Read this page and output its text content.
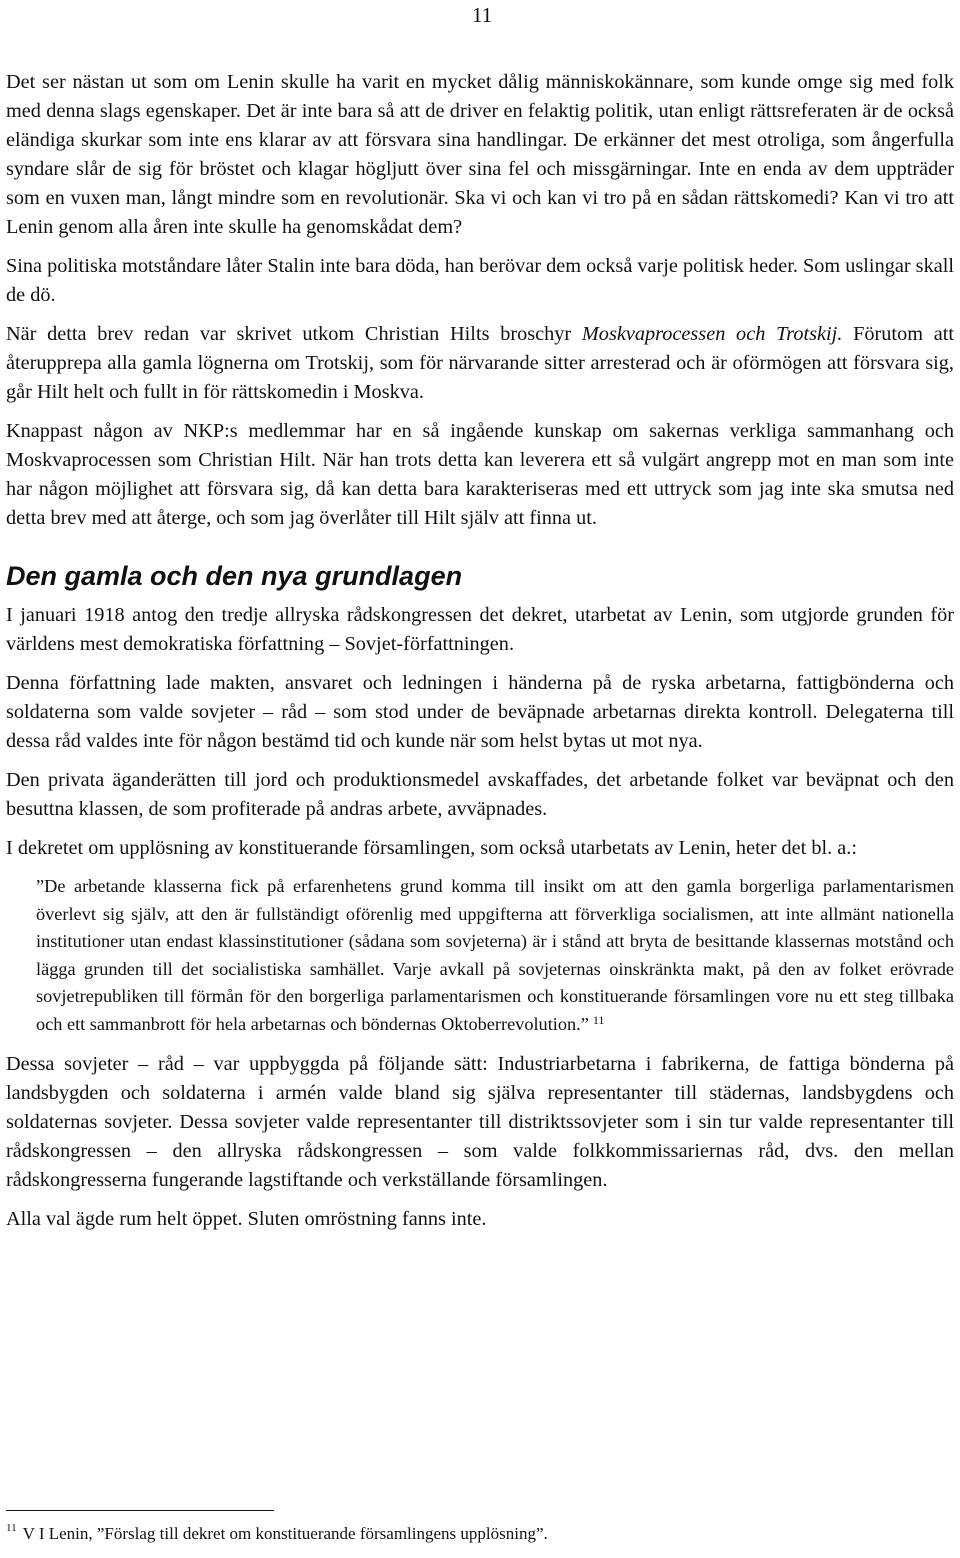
11

Det ser nästan ut som om Lenin skulle ha varit en mycket dålig människokännare, som kunde omge sig med folk med denna slags egenskaper. Det är inte bara så att de driver en felaktig politik, utan enligt rättsreferaten är de också eländiga skurkar som inte ens klarar av att försvara sina handlingar. De erkänner det mest otroliga, som ångerfulla syndare slår de sig för bröstet och klagar högljutt över sina fel och missgärningar. Inte en enda av dem uppträder som en vuxen man, långt mindre som en revolutionär. Ska vi och kan vi tro på en sådan rättskomedi? Kan vi tro att Lenin genom alla åren inte skulle ha genomskådat dem?

Sina politiska motståndare låter Stalin inte bara döda, han berövar dem också varje politisk heder. Som uslingar skall de dö.

När detta brev redan var skrivet utkom Christian Hilts broschyr Moskvaprocessen och Trotskij. Förutom att återupprepa alla gamla lögnerna om Trotskij, som för närvarande sitter arresterad och är oförmögen att försvara sig, går Hilt helt och fullt in för rättskomedin i Moskva.

Knappast någon av NKP:s medlemmar har en så ingående kunskap om sakernas verkliga sammanhang och Moskvaprocessen som Christian Hilt. När han trots detta kan leverera ett så vulgärt angrepp mot en man som inte har någon möjlighet att försvara sig, då kan detta bara karakteriseras med ett uttryck som jag inte ska smutsa ned detta brev med att återge, och som jag överlåter till Hilt själv att finna ut.

Den gamla och den nya grundlagen

I januari 1918 antog den tredje allryska rådskongressen det dekret, utarbetat av Lenin, som utgjorde grunden för världens mest demokratiska författning – Sovjet-författningen.

Denna författning lade makten, ansvaret och ledningen i händerna på de ryska arbetarna, fattigbönderna och soldaterna som valde sovjeter – råd – som stod under de beväpnade arbetarnas direkta kontroll. Delegaterna till dessa råd valdes inte för någon bestämd tid och kunde när som helst bytas ut mot nya.

Den privata äganderätten till jord och produktionsmedel avskaffades, det arbetande folket var beväpnat och den besuttna klassen, de som profiterade på andras arbete, avväpnades.

I dekretet om upplösning av konstituerande församlingen, som också utarbetats av Lenin, heter det bl. a.:

”De arbetande klasserna fick på erfarenhetens grund komma till insikt om att den gamla borgerliga parlamentarismen överlevt sig själv, att den är fullständigt oförenlig med uppgifterna att förverkliga socialismen, att inte allmänt nationella institutioner utan endast klassinstitutioner (sådana som sovjeterna) är i stånd att bryta de besittande klassernas motstånd och lägga grunden till det socialistiska samhället. Varje avkall på sovjeternas oinskränkta makt, på den av folket erövrade sovjetrepubliken till förmån för den borgerliga parlamentarismen och konstituerande församlingen vore nu ett steg tillbaka och ett sammanbrott för hela arbetarnas och böndernas Oktoberrevolution.” $^{11}$

Dessa sovjeter – råd – var uppbyggda på följande sätt: Industriarbetarna i fabrikerna, de fattiga bönderna på landsbygden och soldaterna i armén valde bland sig själva representanter till städernas, landsbygdens och soldaternas sovjeter. Dessa sovjeter valde representanter till distriktssovjeter som i sin tur valde representanter till rådskongressen – den allryska rådskongressen – som valde folkkommissariernas råd, dvs. den mellan rådskongresserna fungerande lagstiftande och verkställande församlingen.

Alla val ägde rum helt öppet. Sluten omröstning fanns inte.

$^{11}$ V I Lenin, ”Förslag till dekret om konstituerande församlingens upplösning”.
